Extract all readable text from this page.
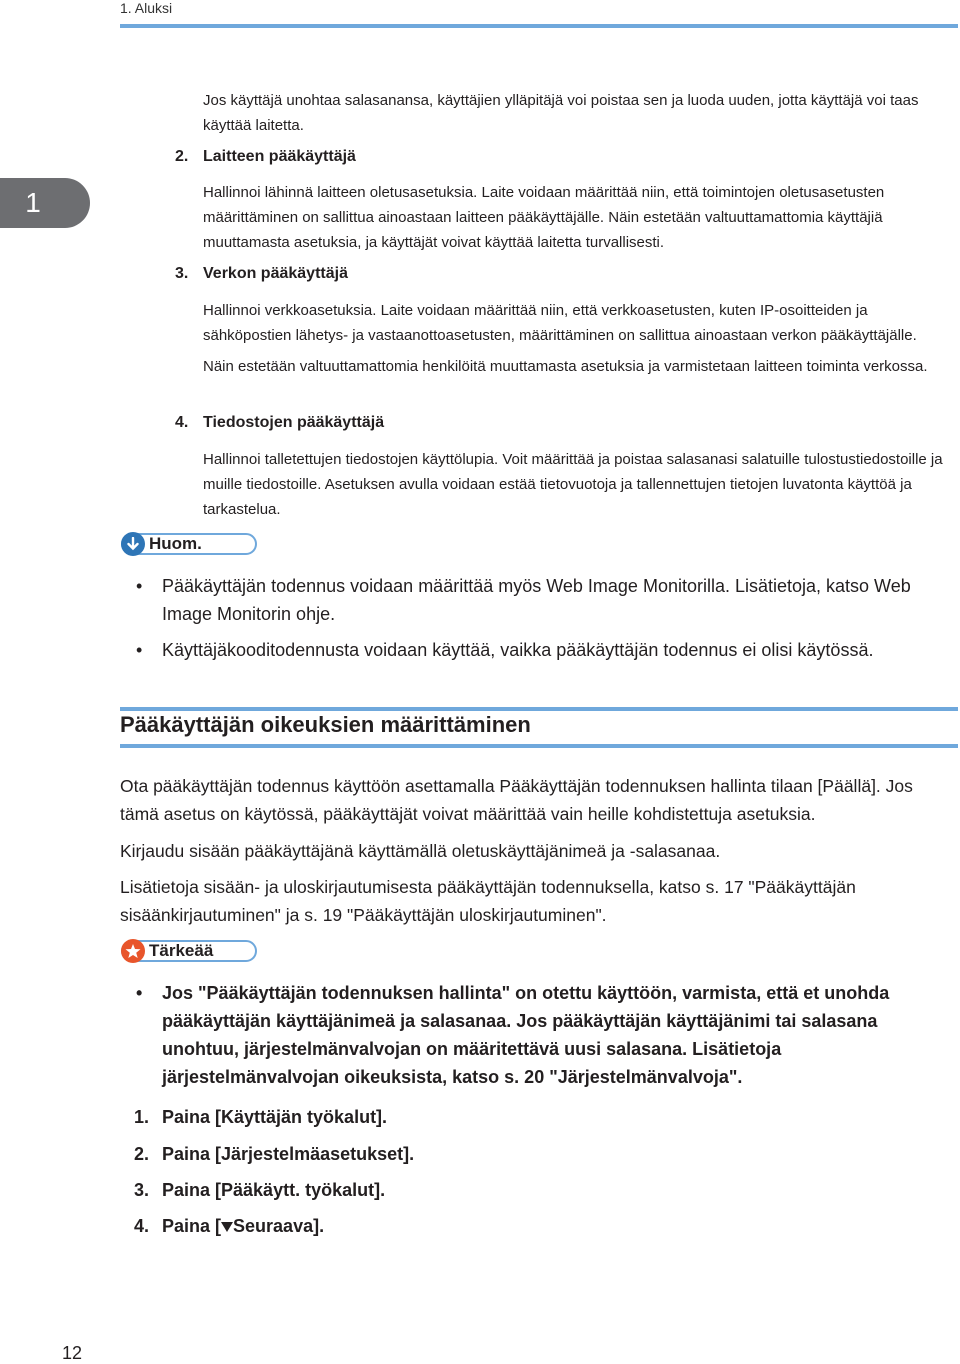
1. Aluksi
1

Jos käyttäjä unohtaa salasanansa, käyttäjien ylläpitäjä voi poistaa sen ja luoda uuden, jotta käyttäjä voi taas käyttää laitetta.

2. Laitteen pääkäyttäjä

Hallinnoi lähinnä laitteen oletusasetuksia. Laite voidaan määrittää niin, että toimintojen oletusasetusten määrittäminen on sallittua ainoastaan laitteen pääkäyttäjälle. Näin estetään valtuuttamattomia käyttäjiä muuttamasta asetuksia, ja käyttäjät voivat käyttää laitetta turvallisesti.

3. Verkon pääkäyttäjä

Hallinnoi verkkoasetuksia. Laite voidaan määrittää niin, että verkkoasetusten, kuten IP-osoitteiden ja sähköpostien lähetys- ja vastaanottoasetusten, määrittäminen on sallittua ainoastaan verkon pääkäyttäjälle.

Näin estetään valtuuttamattomia henkilöitä muuttamasta asetuksia ja varmistetaan laitteen toiminta verkossa.

4. Tiedostojen pääkäyttäjä

Hallinnoi talletettujen tiedostojen käyttölupia. Voit määrittää ja poistaa salasanasi salatuille tulostustiedostoille ja muille tiedostoille. Asetuksen avulla voidaan estää tietovuotoja ja tallennettujen tietojen luvatonta käyttöä ja tarkastelua.

Huom.
• Pääkäyttäjän todennus voidaan määrittää myös Web Image Monitorilla. Lisätietoja, katso Web Image Monitorin ohje.
• Käyttäjäkooditodennusta voidaan käyttää, vaikka pääkäyttäjän todennus ei olisi käytössä.
Pääkäyttäjän oikeuksien määrittäminen

Ota pääkäyttäjän todennus käyttöön asettamalla Pääkäyttäjän todennuksen hallinta tilaan [Päällä]. Jos tämä asetus on käytössä, pääkäyttäjät voivat määrittää vain heille kohdistettuja asetuksia.

Kirjaudu sisään pääkäyttäjänä käyttämällä oletuskäyttäjänimeä ja -salasanaa.

Lisätietoja sisään- ja uloskirjautumisesta pääkäyttäjän todennuksella, katso s. 17 "Pääkäyttäjän sisäänkirjautuminen" ja s. 19 "Pääkäyttäjän uloskirjautuminen".

Tärkeää
• Jos "Pääkäyttäjän todennuksen hallinta" on otettu käyttöön, varmista, että et unohda pääkäyttäjän käyttäjänimeä ja salasanaa. Jos pääkäyttäjän käyttäjänimi tai salasana unohtuu, järjestelmänvalvojan on määritettävä uusi salasana. Lisätietoja järjestelmänvalvojan oikeuksista, katso s. 20 "Järjestelmänvalvoja".
1. Paina [Käyttäjän työkalut].
2. Paina [Järjestelmäasetukset].
3. Paina [Pääkäytt. työkalut].
4. Paina [ Seuraava].
12
